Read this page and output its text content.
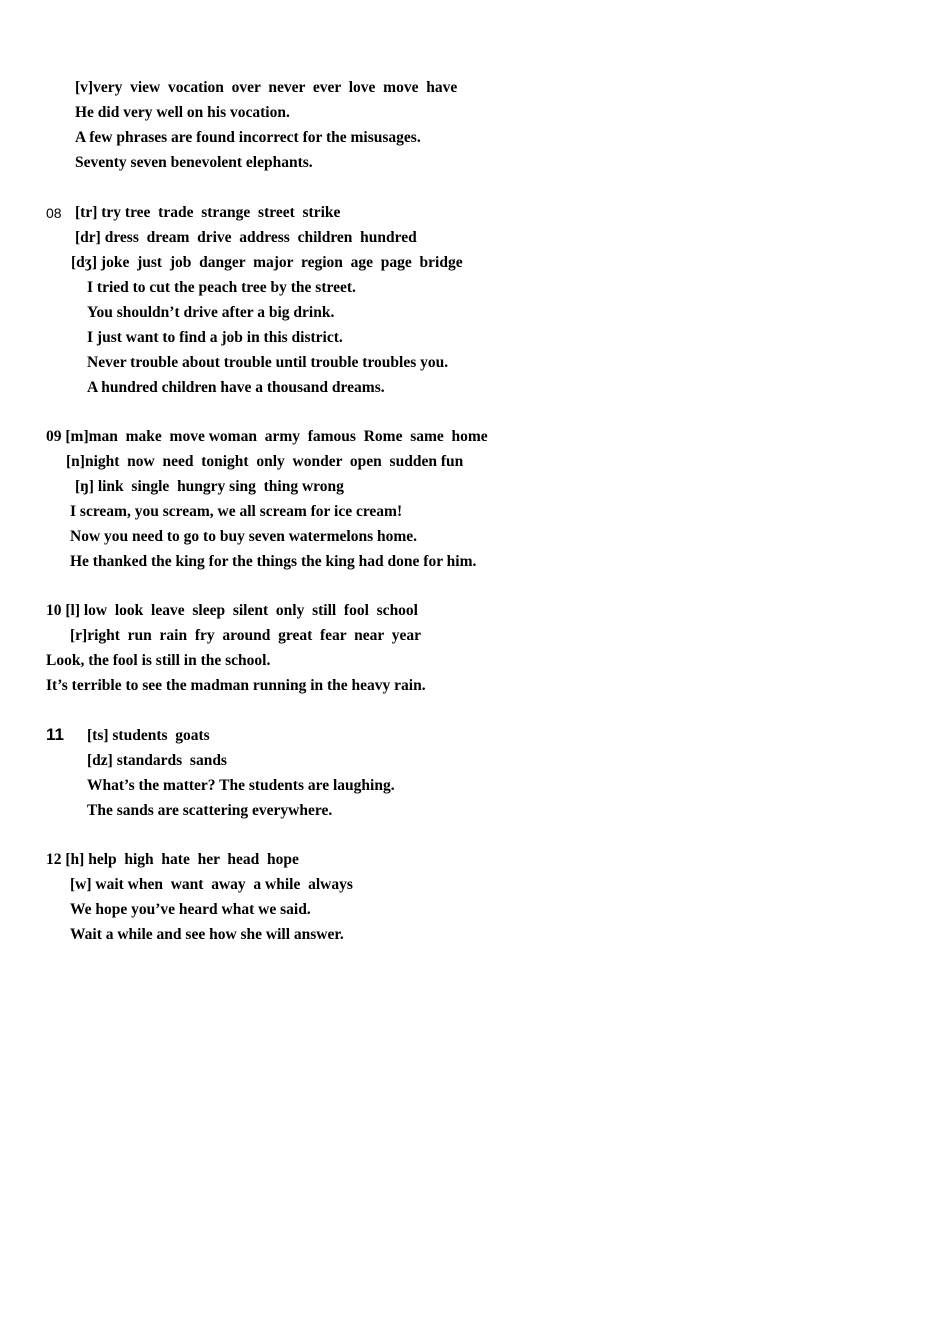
[v]very  view  vocation  over  never  ever  love  move  have
He did very well on his vocation.
A few phrases are found incorrect for the misusages.
Seventy seven benevolent elephants.
08 [tr] try tree  trade  strange  street  strike
[dr] dress  dream  drive  address  children  hundred
[dʒ] joke  just  job  danger  major  region  age  page  bridge
I tried to cut the peach tree by the street.
You shouldn’t drive after a big drink.
I just want to find a job in this district.
Never trouble about trouble until trouble troubles you.
A hundred children have a thousand dreams.
09 [m]man  make  move woman  army  famous  Rome  same  home
[n]night  now  need  tonight  only  wonder  open  sudden fun
[ŋ] link  single  hungry sing  thing wrong
I scream, you scream, we all scream for ice cream!
Now you need to go to buy seven watermelons home.
He thanked the king for the things the king had done for him.
10 [l] low  look  leave  sleep  silent  only  still  fool  school
[r]right  run  rain  fry  around  great  fear  near  year
Look, the fool is still in the school.
It’s terrible to see the madman running in the heavy rain.
11 [ts] students  goats
[dz] standards  sands
What’s the matter? The students are laughing.
The sands are scattering everywhere.
12 [h] help  high  hate  her  head  hope
[w] wait when  want  away  a while  always
We hope you’ve heard what we said.
Wait a while and see how she will answer.
